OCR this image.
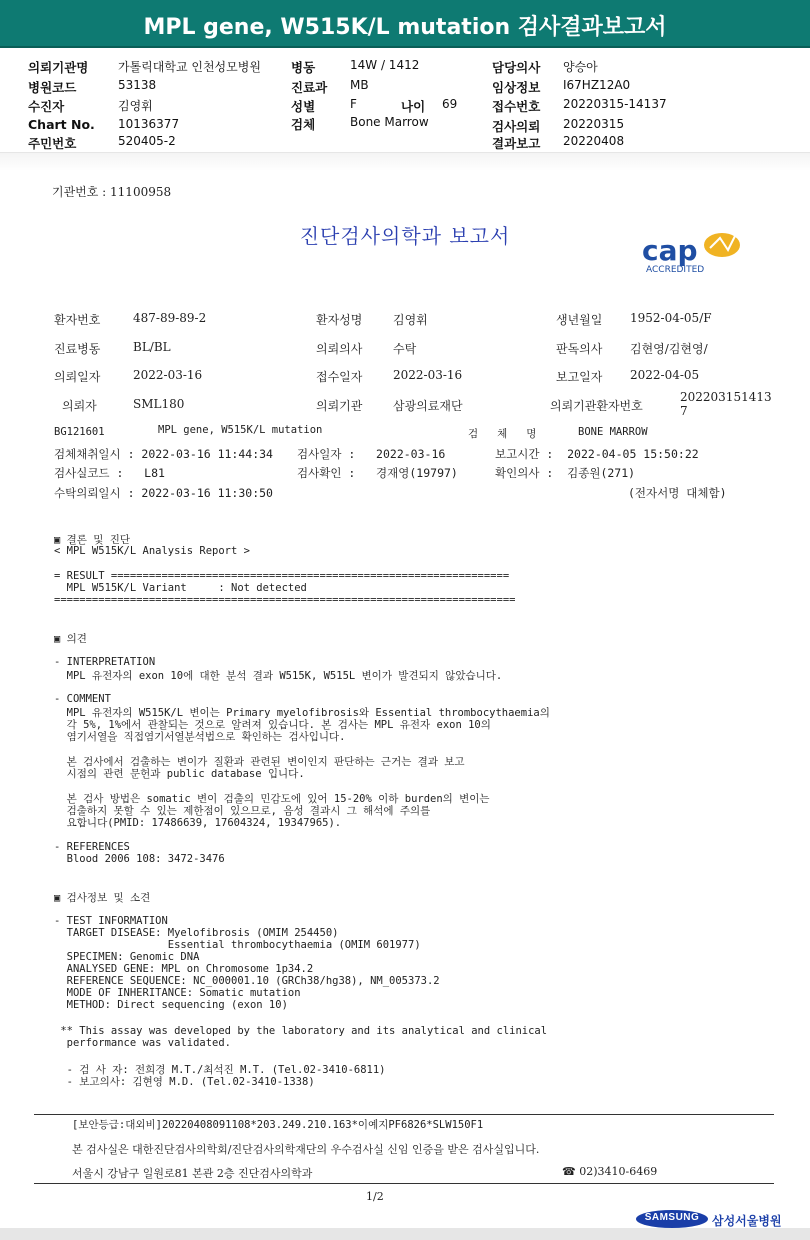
MPL gene, W515K/L mutation 검사결과보고서
의뢰기관명 가톨릭대학교 인천성모병원 병동	14W / 1412	담당의사 양승아
병원코드	53138	진료과 MB	임상정보 I67HZ12A0
수진자	김영휘	성별	F	나이 69	접수번호 20220315-14137
Chart No. 10136377	검체	Bone Marrow	검사의뢰 20220315
주민번호	520405-2	결과보고 20220408
기관번호 : 11100958
진단검사의학과 보고서	cap
ACCREDITED
환자번호	487-89-89-2	환자성명	김영휘	생년월일 1952-04-05/F
진료병동	BL/BL	의뢰의사	수탁	판독의사 김현영/김현영/
의뢰일자	2022-03-16	접수일자	2022-03-16	보고일자 2022-04-05
의뢰자	SML180	의뢰기관	삼광의료재단	의뢰기관환자번호
202203151413
7
BG121601	MPL gene, W515K/L mutation	검   체   명	BONE MARROW
검체채취일시 : 2022-03-16 11:44:34 검사일자 :   2022-03-16	보고시간 :  2022-04-05 15:50:22
검사실코드 :   L81	검사확인 :   경재영(19797)	확인의사 :  김종원(271)
수탁의뢰일시 : 2022-03-16 11:30:50	(전자서명 대체함)
▣ 결론 및 진단
< MPL W515K/L Analysis Report >
= RESULT ===============================================================
MPL W515K/L Variant     : Not detected
=========================================================================
▣ 의견
- INTERPRETATION
MPL 유전자의 exon 10에 대한 분석 결과 W515K, W515L 변이가 발견되지 않았습니다.
- COMMENT
MPL 유전자의 W515K/L 변이는 Primary myelofibrosis와 Essential thrombocythaemia의
각 5%, 1%에서 관찰되는 것으로 알려져 있습니다. 본 검사는 MPL 유전자 exon 10의
염기서열을 직접염기서열분석법으로 확인하는 검사입니다.
본 검사에서 검출하는 변이가 질환과 관련된 변이인지 판단하는 근거는 결과 보고
시점의 관련 문헌과 public database 입니다.
본 검사 방법은 somatic 변이 검출의 민감도에 있어 15-20% 이하 burden의 변이는
검출하지 못할 수 있는 제한점이 있으므로, 음성 결과시 그 해석에 주의를
요합니다(PMID: 17486639, 17604324, 19347965).
- REFERENCES
Blood 2006 108: 3472-3476
▣ 검사정보 및 소견
- TEST INFORMATION
TARGET DISEASE: Myelofibrosis (OMIM 254450)
Essential thrombocythaemia (OMIM 601977)
SPECIMEN: Genomic DNA
ANALYSED GENE: MPL on Chromosome 1p34.2
REFERENCE SEQUENCE: NC_000001.10 (GRCh38/hg38), NM_005373.2
MODE OF INHERITANCE: Somatic mutation
METHOD: Direct sequencing (exon 10)
** This assay was developed by the laboratory and its analytical and clinical
performance was validated.
- 검 사 자: 전희경 M.T./최석진 M.T. (Tel.02-3410-6811)
- 보고의사: 김현영 M.D. (Tel.02-3410-1338)
[보안등급:대외비]20220408091108*203.249.210.163*이예지PF6826*SLW150F1
본 검사실은 대한진단검사의학회/진단검사의학재단의 우수검사실 신임 인증을 받은 검사실입니다.
서울시 강남구 일원로81 본관 2층 진단검사의학과	☎ 02)3410-6469
1/2
SAMSUNG	삼성서울병원
